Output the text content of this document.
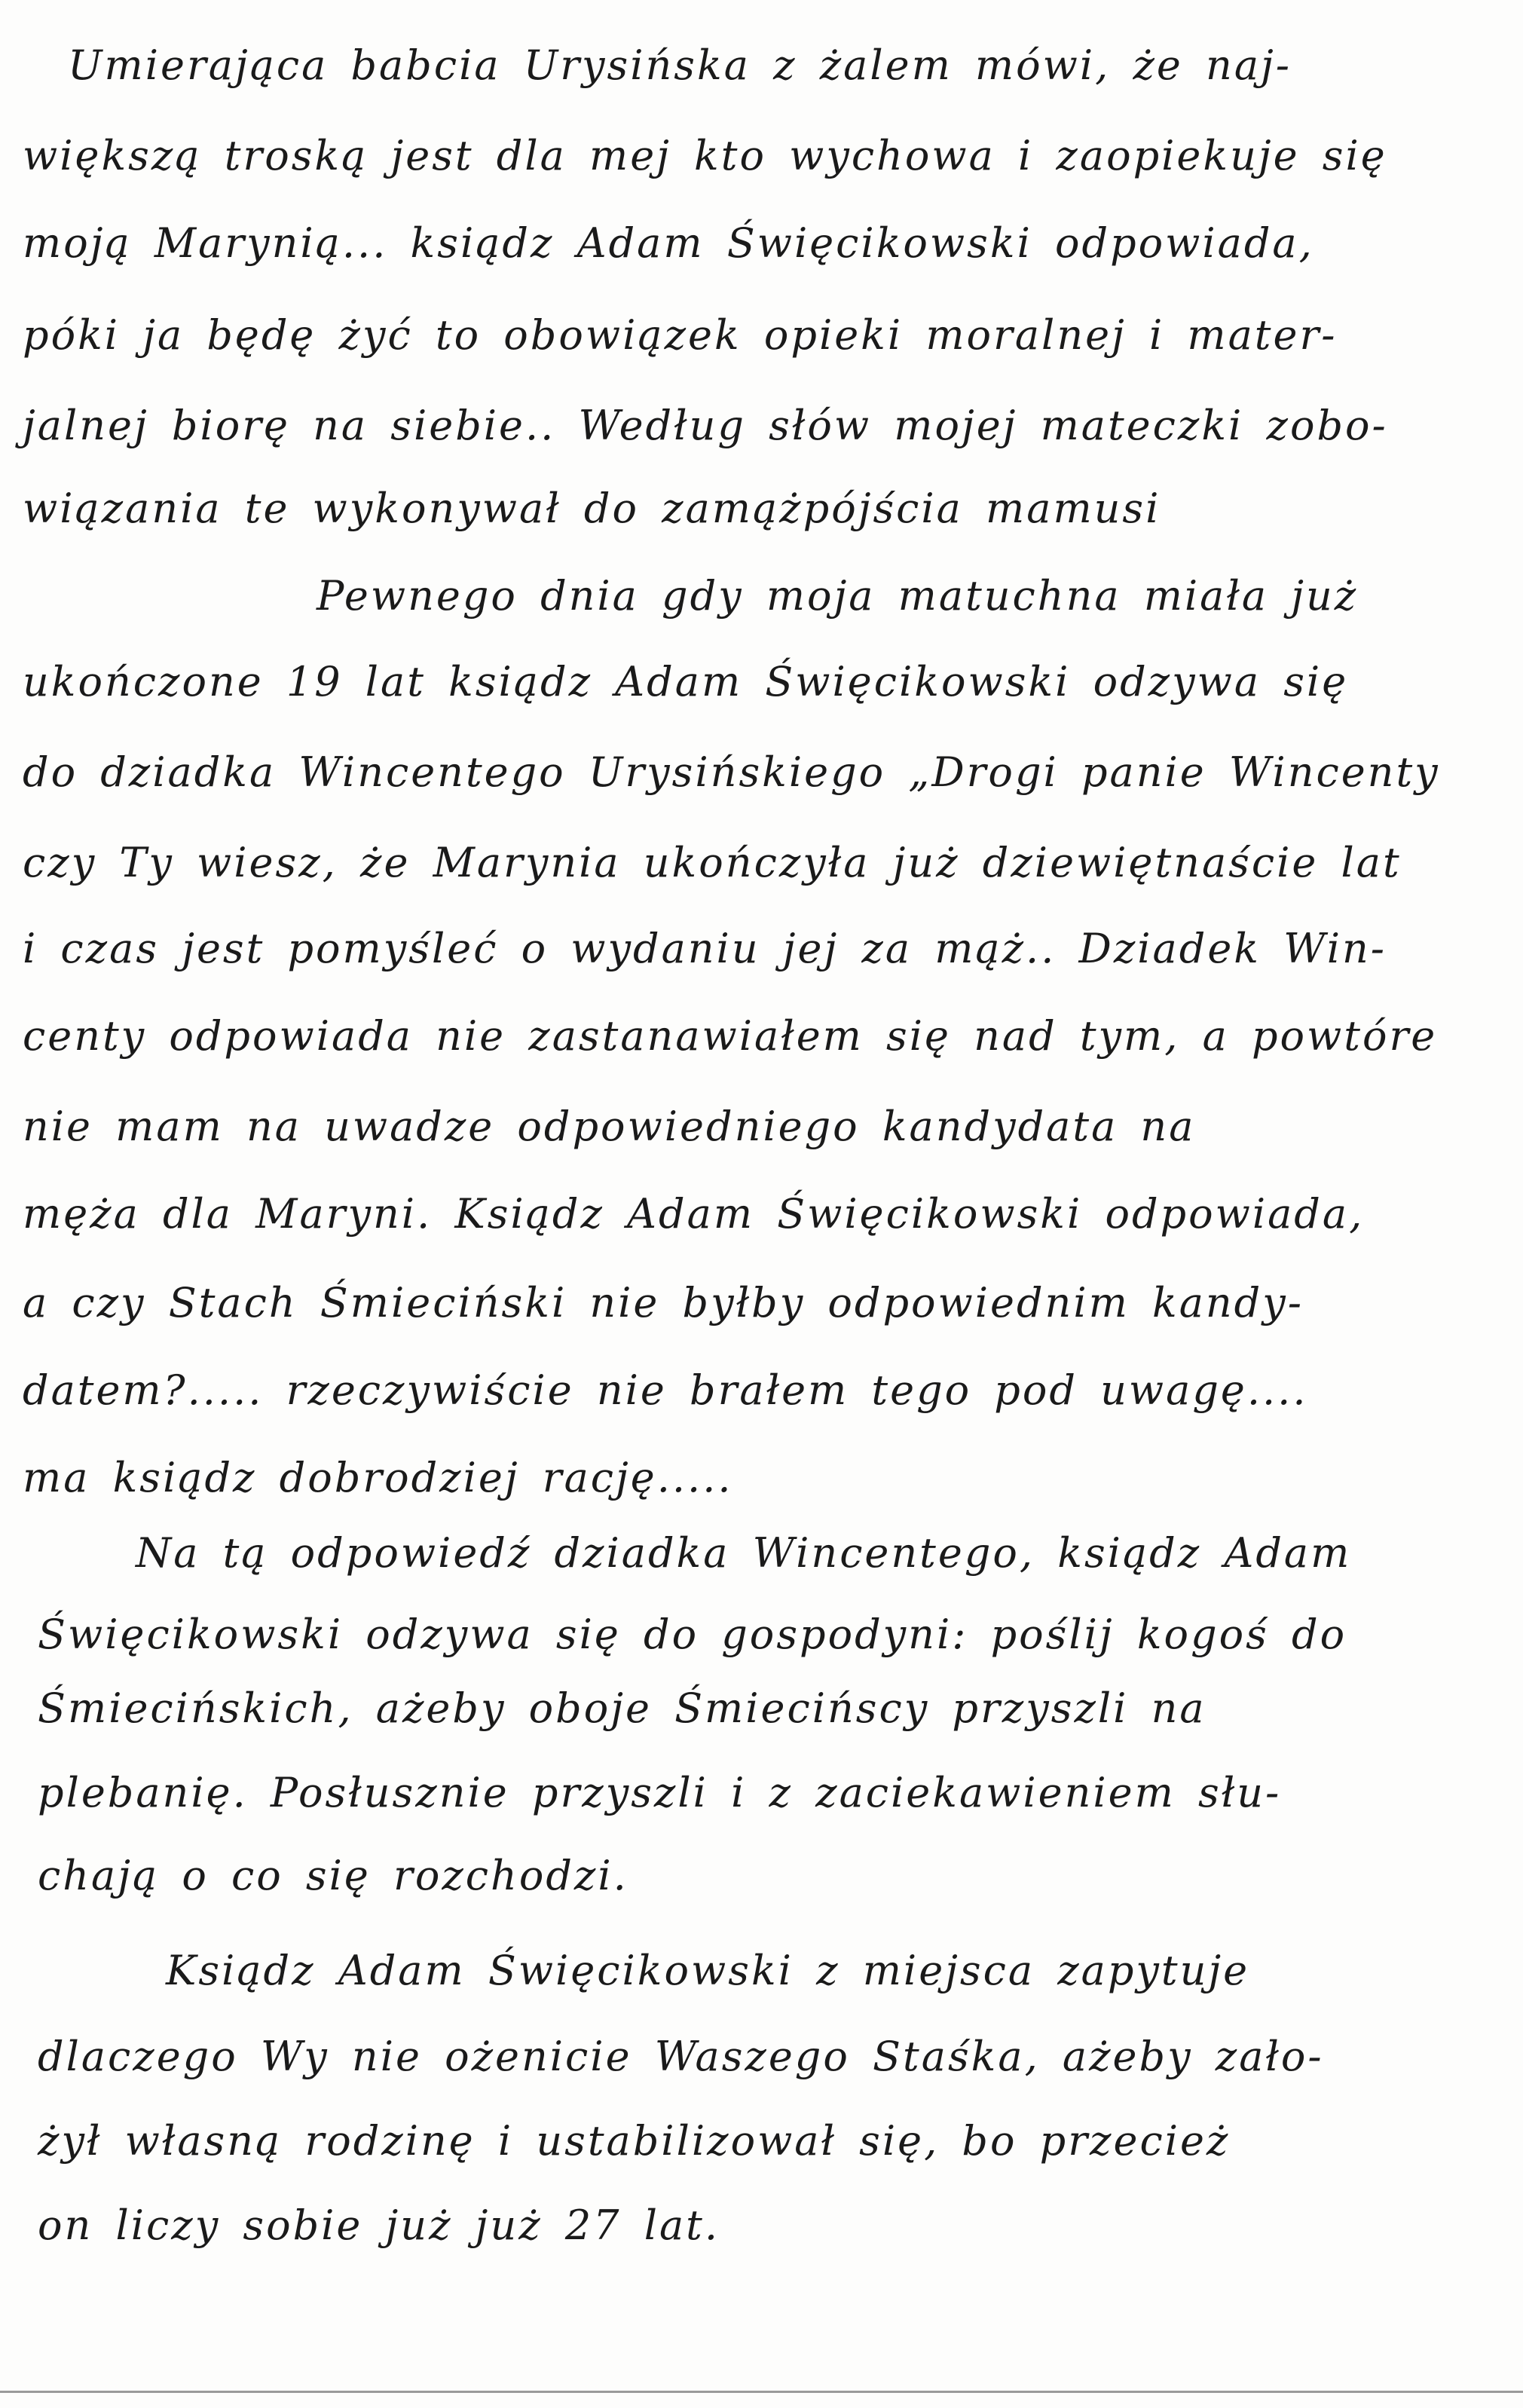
Umierająca babcia Urysińska z żalem mówi, że naj-
większą troską jest dla mej kto wychowa i zaopiekuje się
moją Marynią... ksiądz Adam Święcikowski odpowiada,
póki ja będę żyć to obowiązek opieki moralnej i mater-
jalnej biorę na siebie.. Według słów mojej mateczki zobo-
wiązania te wykonywał do zamążpójścia mamusi
Pewnego dnia gdy moja matuchna miała już
ukończone 19 lat ksiądz Adam Święcikowski odzywa się
do dziadka Wincentego Urysińskiego „Drogi panie Wincenty
czy Ty wiesz, że Marynia ukończyła już dziewiętnaście lat
i czas jest pomyśleć o wydaniu jej za mąż.. Dziadek Win-
centy odpowiada nie zastanawiałem się nad tym, a powtóre
nie mam na uwadze odpowiedniego kandydata na
męża dla Maryni. Ksiądz Adam Święcikowski odpowiada,
a czy Stach Śmieciński nie byłby odpowiednim kandy-
datem?..... rzeczywiście nie brałem tego pod uwagę....
ma ksiądz dobrodziej rację.....
Na tą odpowiedź dziadka Wincentego, ksiądz Adam
Święcikowski odzywa się do gospodyni: poślij kogoś do
Śmiecińskich, ażeby oboje Śmiecińscy przyszli na
plebanię. Posłusznie przyszli i z zaciekawieniem słu-
chają o co się rozchodzi.
Ksiądz Adam Święcikowski z miejsca zapytuje
dlaczego Wy nie ożenicie Waszego Staśka, ażeby zało-
żył własną rodzinę i ustabilizował się, bo przecież
on liczy sobie już już 27 lat.
